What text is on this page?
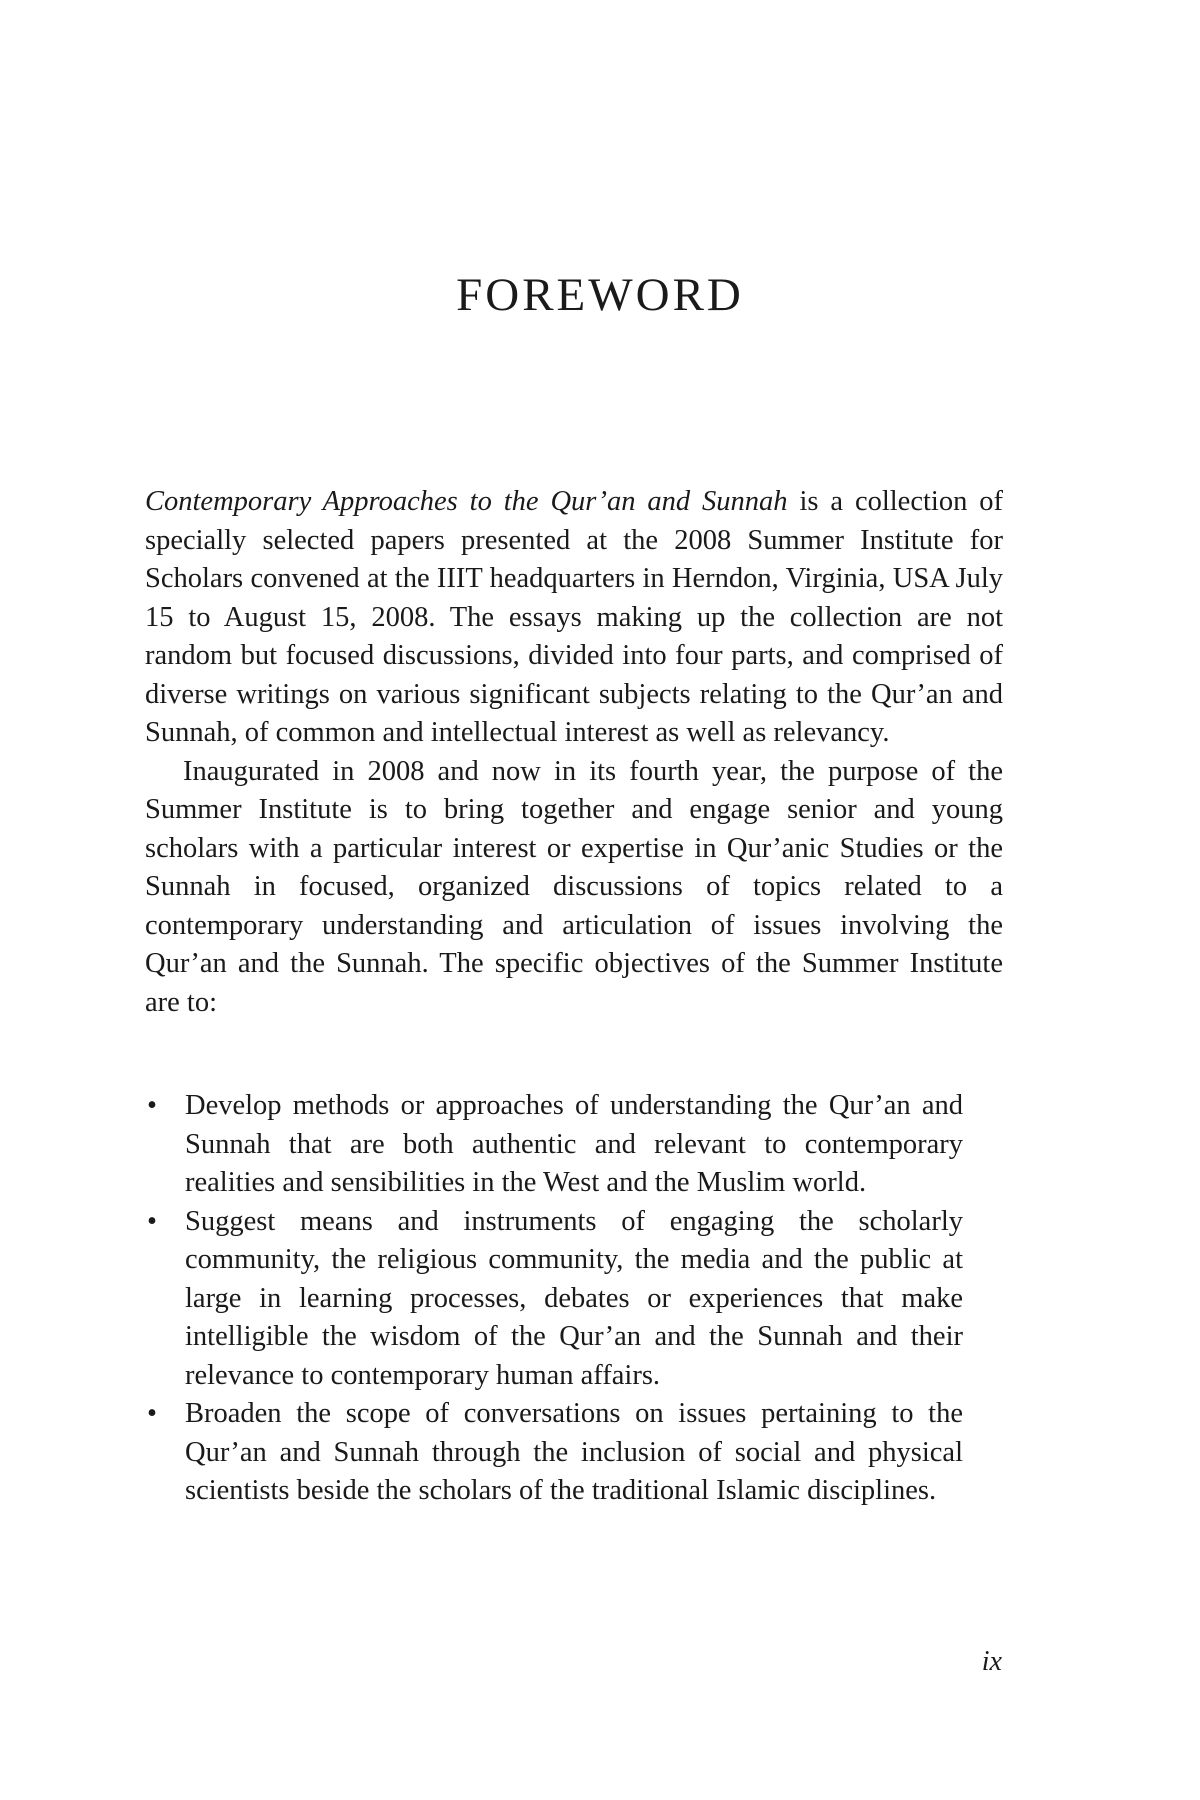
FOREWORD

Contemporary Approaches to the Qur’an and Sunnah is a collection of specially selected papers presented at the 2008 Summer Institute for Scholars convened at the IIIT headquarters in Herndon, Virginia, USA July 15 to August 15, 2008. The essays making up the collection are not random but focused discussions, divided into four parts, and comprised of diverse writings on various significant subjects relating to the Qur’an and Sunnah, of common and intellectual interest as well as relevancy.

Inaugurated in 2008 and now in its fourth year, the purpose of the Summer Institute is to bring together and engage senior and young scholars with a particular interest or expertise in Qur’anic Studies or the Sunnah in focused, organized discussions of topics related to a contemporary understanding and articulation of issues involving the Qur’an and the Sunnah. The specific objectives of the Summer Institute are to:

• Develop methods or approaches of understanding the Qur’an and Sunnah that are both authentic and relevant to contemporary realities and sensibilities in the West and the Muslim world.
• Suggest means and instruments of engaging the scholarly community, the religious community, the media and the public at large in learning processes, debates or experiences that make intelligible the wisdom of the Qur’an and the Sunnah and their relevance to contemporary human affairs.
• Broaden the scope of conversations on issues pertaining to the Qur’an and Sunnah through the inclusion of social and physical scientists beside the scholars of the traditional Islamic disciplines.
ix
